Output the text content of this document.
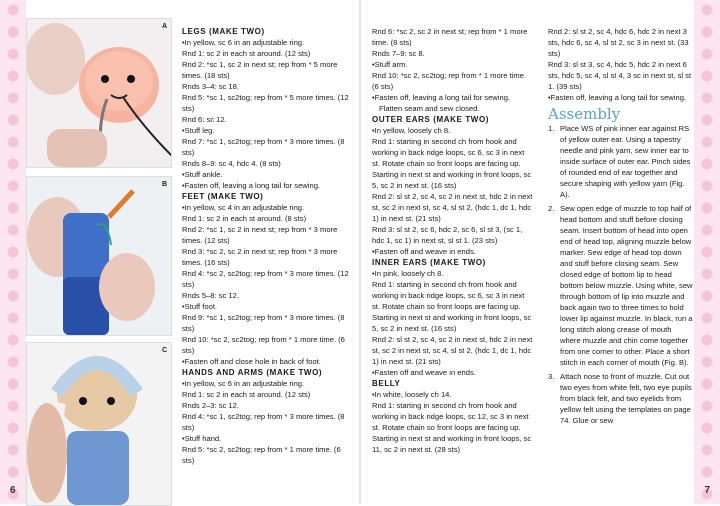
A
B
C

LEGS (MAKE TWO)

• In yellow, sc 6 in an adjustable ring.

Rnd 1: sc 2 in each st around. (12 sts)

Rnd 2: *sc 1, sc 2 in next st; rep from * 5 more times. (18 sts)

Rnds 3–4: sc 18.

Rnd 5: *sc 1, sc2tog; rep from * 5 more times. (12 sts)

Rnd 6: sc 12.

• Stuff leg.

Rnd 7: *sc 1, sc2tog; rep from * 3 more times. (8 sts)

Rnds 8–9: sc 4, hdc 4. (8 sts)

• Stuff ankle.

• Fasten off, leaving a long tail for sewing.

FEET (MAKE TWO)

• In yellow, sc 4 in an adjustable ring.

Rnd 1: sc 2 in each st around. (8 sts)

Rnd 2: *sc 1, sc 2 in next st; rep from * 3 more times. (12 sts)

Rnd 3: *sc 2, sc 2 in next st; rep from * 3 more times. (16 sts)

Rnd 4: *sc 2, sc2tog; rep from * 3 more times. (12 sts)

Rnds 5–8: sc 12.

• Stuff foot.

Rnd 9: *sc 1, sc2tog; rep from * 3 more times. (8 sts)

Rnd 10: *sc 2, sc2tog; rep from * 1 more time. (6 sts)

• Fasten off and close hole in back of foot.

HANDS AND ARMS (MAKE TWO)

• In yellow, sc 6 in an adjustable ring.

Rnd 1: sc 2 in each st around. (12 sts)

Rnds 2–3: sc 12.

Rnd 4: *sc 1, sc2tog; rep from * 3 more times. (8 sts)

• Stuff hand.

Rnd 5: *sc 2, sc2tog; rep from * 1 more time. (6 sts)

Rnd 6: *sc 2, sc 2 in next st; rep from * 1 more time. (8 sts)

Rnds 7–9: sc 8.

• Stuff arm.

Rnd 10: *sc 2, sc2tog; rep from * 1 more time. (6 sts)

• Fasten off, leaving a long tail for sewing. Flatten seam and sew closed.

OUTER EARS (MAKE TWO)

• In yellow, loosely ch 8.

Rnd 1: starting in second ch from hook and working in back ridge loops, sc 6, sc 3 in next st. Rotate chain so front loops are facing up. Starting in next st and working in front loops, sc 5, sc 2 in next st. (16 sts)

Rnd 2: sl st 2, sc 4, sc 2 in next st, hdc 2 in next st, sc 2 in next st, sc 4, sl st 2, (hdc 1, dc 1, hdc 1) in next st. (21 sts)

Rnd 3: sl st 2, sc 6, hdc 2, sc 6, sl st 3, (sc 1, hdc 1, sc 1) in next st, sl st 1. (23 sts)

• Fasten off and weave in ends.

INNER EARS (MAKE TWO)

• In pink, loosely ch 8.

Rnd 1: starting in second ch from hook and working in back ridge loops, sc 6, sc 3 in next st. Rotate chain so front loops are facing up. Starting in next st and working in front loops, sc 5, sc 2 in next st. (16 sts)

Rnd 2: sl st 2, sc 4, sc 2 in next st, hdc 2 in next st, sc 2 in next st, sc 4, sl st 2, (hdc 1, dc 1, hdc 1) in next st. (21 sts)

• Fasten off and weave in ends.

BELLY

• In white, loosely ch 14.

Rnd 1: starting in second ch from hook and working in back ridge loops, sc 12, sc 3 in next st. Rotate chain so front loops are facing up. Starting in next st and working in front loops, sc 11, sc 2 in next st. (28 sts)

Rnd 2: sl st 2, sc 4, hdc 6, hdc 2 in next 3 sts, hdc 6, sc 4, sl st 2, sc 3 in next st. (33 sts)

Rnd 3: sl st 3, sc 4, hdc 5, hdc 2 in next 6 sts, hdc 5, sc 4, sl st 4, 3 sc in next st, sl st 1. (39 sts)

• Fasten off, leaving a long tail for sewing.

Assembly
1. Place WS of pink inner ear against RS of yellow outer ear. Using a tapestry needle and pink yarn, sew inner ear to inside surface of outer ear. Pinch sides of rounded end of ear together and secure shaping with yellow yarn (Fig. A).
2. Sew open edge of muzzle to top half of head bottom and stuff before closing seam. Insert bottom of head into open end of head top, aligning muzzle below marker. Sew edge of head top down and stuff before closing seam. Sew closed edge of bottom lip to head bottom below muzzle. Using white, sew through bottom of lip into muzzle and back again two to three times to hold lower lip against muzzle. In black, run a long stitch along crease of mouth where muzzle and chin come together from one corner to other. Place a short stitch in each corner of mouth (Fig. B).
3. Attach nose to front of muzzle. Cut out two eyes from white felt, two eye pupils from black felt, and two eyelids from yellow felt using the templates on page 74. Glue or sew
6	7
